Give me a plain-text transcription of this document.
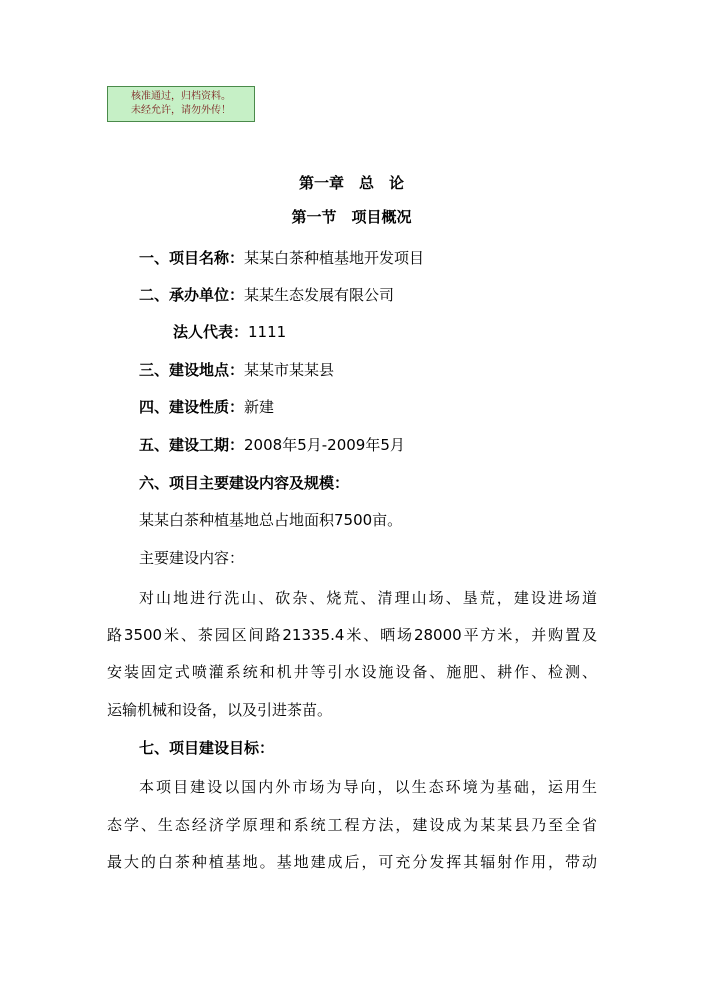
核准通过，归档资料。
未经允许，请勿外传！
第一章　总　论
第一节　项目概况
一、项目名称：某某白茶种植基地开发项目
二、承办单位：某某生态发展有限公司
法人代表：1111
三、建设地点：某某市某某县
四、建设性质：新建
五、建设工期：2008年5月-2009年5月
六、项目主要建设内容及规模：
某某白茶种植基地总占地面积7500亩。
主要建设内容：
对山地进行洗山、砍杂、烧荒、清理山场、垦荒，建设进场道
路3500米、茶园区间路21335.4米、晒场28000平方米，并购置及
安装固定式喷灌系统和机井等引水设施设备、施肥、耕作、检测、
运输机械和设备，以及引进茶苗。
七、项目建设目标：
本项目建设以国内外市场为导向，以生态环境为基础，运用生
态学、生态经济学原理和系统工程方法，建设成为某某县乃至全省
最大的白茶种植基地。基地建成后，可充分发挥其辐射作用，带动
